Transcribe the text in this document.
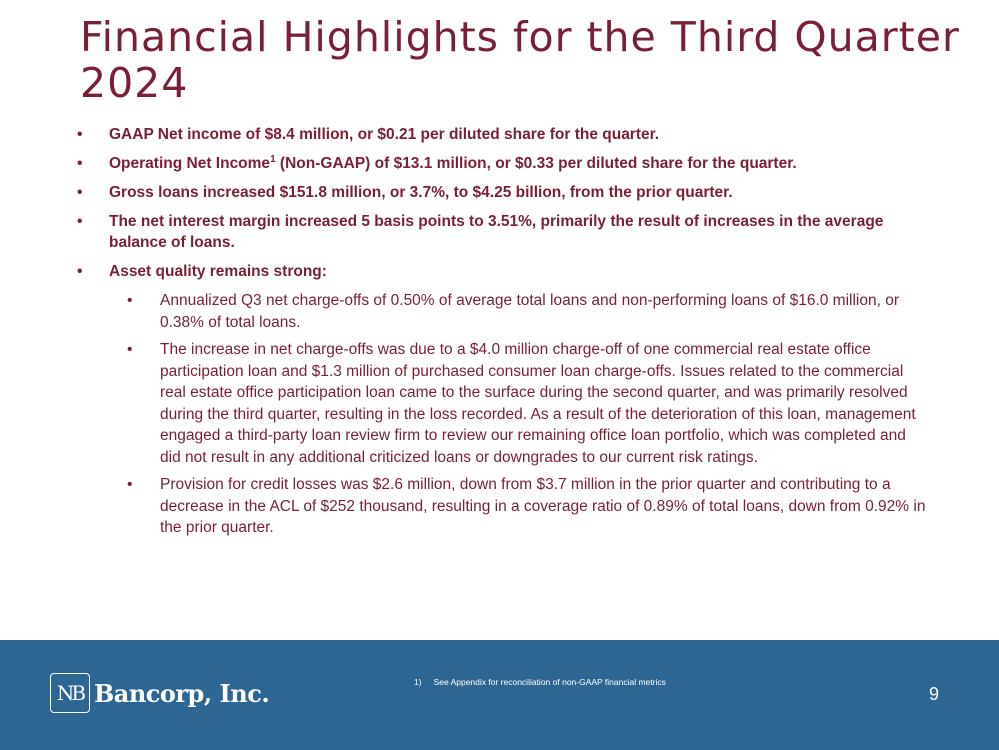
Financial Highlights for the Third Quarter 2024
• GAAP Net income of $8.4 million, or $0.21 per diluted share for the quarter.
• Operating Net Income$^1$ (Non-GAAP) of $13.1 million, or $0.33 per diluted share for the quarter.
• Gross loans increased $151.8 million, or 3.7%, to $4.25 billion, from the prior quarter.
• The net interest margin increased 5 basis points to 3.51%, primarily the result of increases in the average balance of loans.
• Asset quality remains strong:
• Annualized Q3 net charge-offs of 0.50% of average total loans and non-performing loans of $16.0 million, or 0.38% of total loans.
• The increase in net charge-offs was due to a $4.0 million charge-off of one commercial real estate office participation loan and $1.3 million of purchased consumer loan charge-offs. Issues related to the commercial real estate office participation loan came to the surface during the second quarter, and was primarily resolved during the third quarter, resulting in the loss recorded. As a result of the deterioration of this loan, management engaged a third-party loan review firm to review our remaining office loan portfolio, which was completed and did not result in any additional criticized loans or downgrades to our current risk ratings.
• Provision for credit losses was $2.6 million, down from $3.7 million in the prior quarter and contributing to a decrease in the ACL of $252 thousand, resulting in a coverage ratio of 0.89% of total loans, down from 0.92% in the prior quarter.
NB Bancorp, Inc.	1) See Appendix for reconciliation of non-GAAP financial metrics
9
